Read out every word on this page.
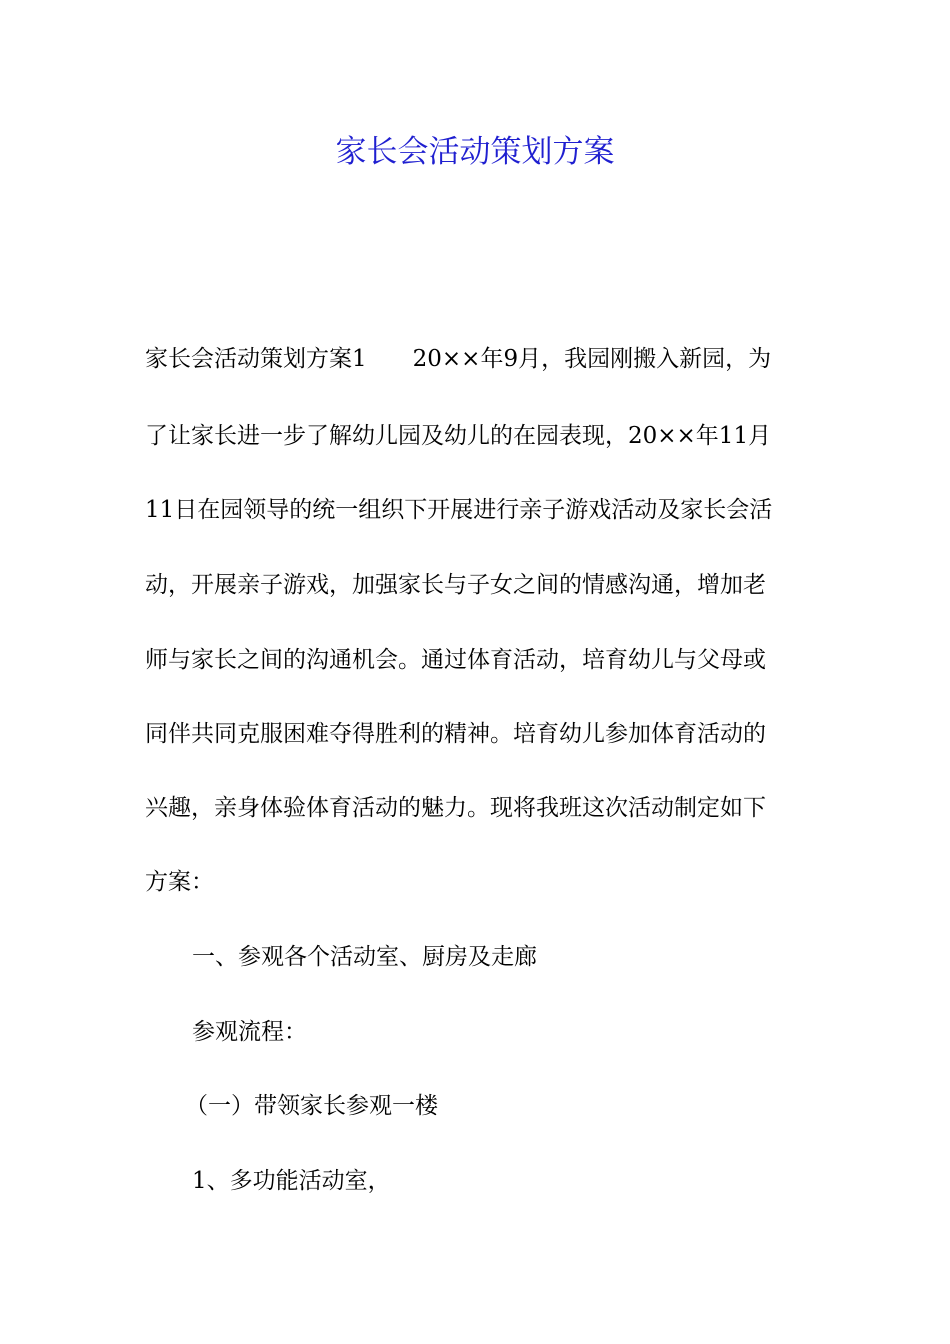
家长会活动策划方案

家长会活动策划方案1　　20××年9月，我园刚搬入新园，为

了让家长进一步了解幼儿园及幼儿的在园表现，20××年11月

11日在园领导的统一组织下开展进行亲子游戏活动及家长会活

动，开展亲子游戏，加强家长与子女之间的情感沟通，增加老

师与家长之间的沟通机会。通过体育活动，培育幼儿与父母或

同伴共同克服困难夺得胜利的精神。培育幼儿参加体育活动的

兴趣，亲身体验体育活动的魅力。现将我班这次活动制定如下

方案：

一、参观各个活动室、厨房及走廊

参观流程：

（一）带领家长参观一楼

1、多功能活动室，
